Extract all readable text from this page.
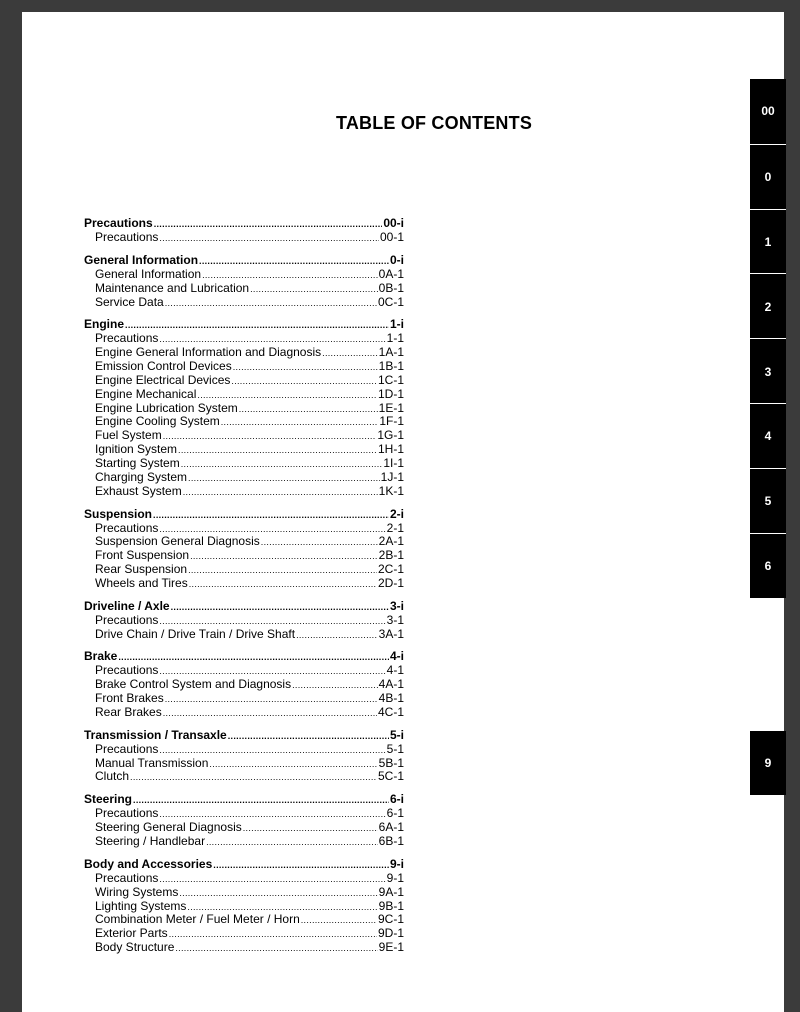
TABLE OF CONTENTS
Precautions .....	00-i
Precautions .....	00-1
General Information .....	0-i
General Information .....	0A-1
Maintenance and Lubrication .....	0B-1
Service Data .....	0C-1
Engine .....	1-i
Precautions .....	1-1
Engine General Information and Diagnosis .....	1A-1
Emission Control Devices .....	1B-1
Engine Electrical Devices .....	1C-1
Engine Mechanical .....	1D-1
Engine Lubrication System .....	1E-1
Engine Cooling System .....	1F-1
Fuel System .....	1G-1
Ignition System .....	1H-1
Starting System .....	1I-1
Charging System .....	1J-1
Exhaust System .....	1K-1
Suspension .....	2-i
Precautions .....	2-1
Suspension General Diagnosis .....	2A-1
Front Suspension .....	2B-1
Rear Suspension .....	2C-1
Wheels and Tires .....	2D-1
Driveline / Axle .....	3-i
Precautions .....	3-1
Drive Chain / Drive Train / Drive Shaft .....	3A-1
Brake .....	4-i
Precautions .....	4-1
Brake Control System and Diagnosis .....	4A-1
Front Brakes .....	4B-1
Rear Brakes .....	4C-1
Transmission / Transaxle .....	5-i
Precautions .....	5-1
Manual Transmission .....	5B-1
Clutch .....	5C-1
Steering .....	6-i
Precautions .....	6-1
Steering General Diagnosis .....	6A-1
Steering / Handlebar .....	6B-1
Body and Accessories .....	9-i
Precautions .....	9-1
Wiring Systems .....	9A-1
Lighting Systems .....	9B-1
Combination Meter / Fuel Meter / Horn .....	9C-1
Exterior Parts .....	9D-1
Body Structure .....	9E-1
00
0
1
2
3
4
5
6
9
